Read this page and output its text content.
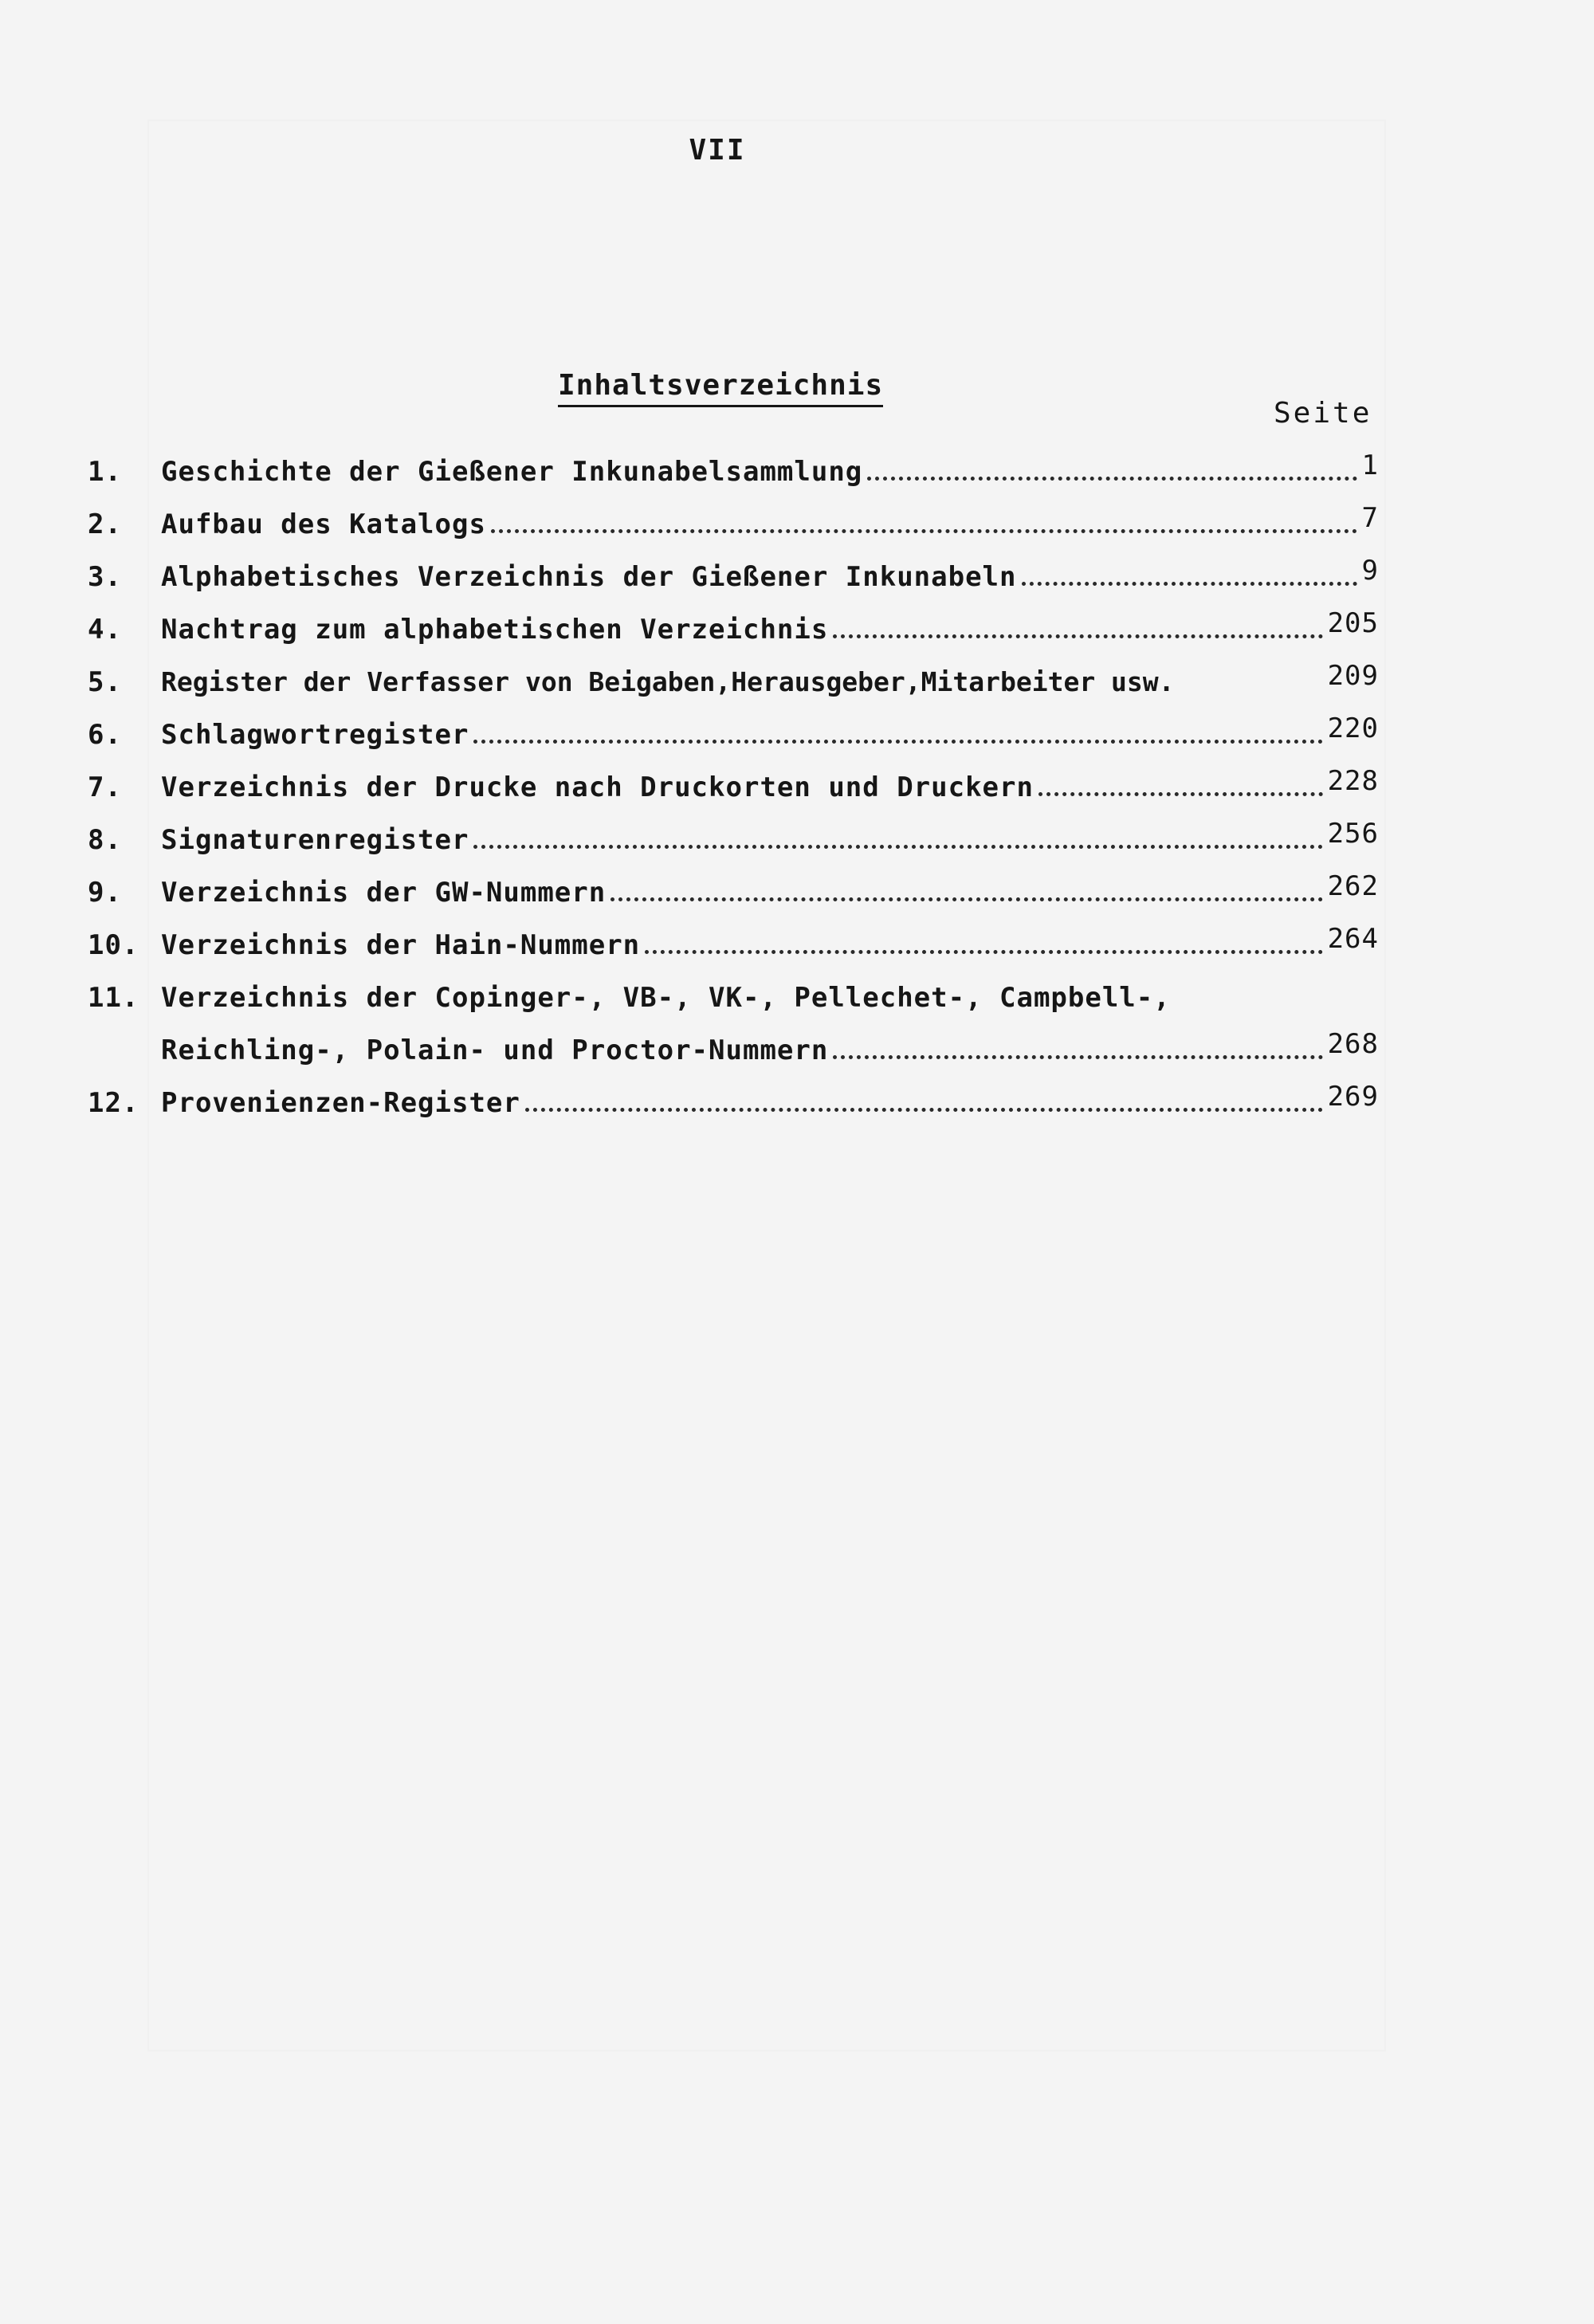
VII
Inhaltsverzeichnis
Seite
1.	Geschichte der Gießener Inkunabelsammlung	1
2.	Aufbau des Katalogs	7
3.	Alphabetisches Verzeichnis der Gießener Inkunabeln	9
4.	Nachtrag zum alphabetischen Verzeichnis	205
5.	Register der Verfasser von Beigaben,Herausgeber,Mitarbeiter usw.	209
6.	Schlagwortregister	220
7.	Verzeichnis der Drucke nach Druckorten und Druckern	228
8.	Signaturenregister	256
9.	Verzeichnis der GW-Nummern	262
10. Verzeichnis der Hain-Nummern	264
11. Verzeichnis der Copinger-, VB-, VK-, Pellechet-, Campbell-,
Reichling-, Polain- und Proctor-Nummern	268
12. Provenienzen-Register	269
